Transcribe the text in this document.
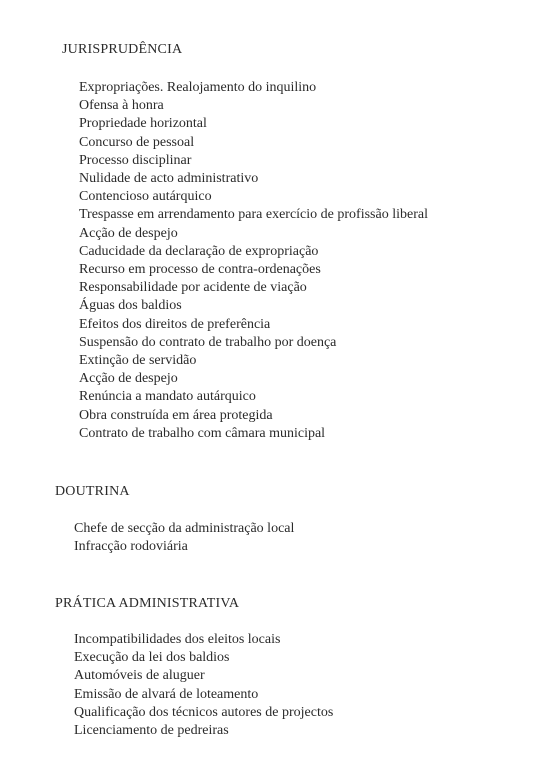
JURISPRUDÊNCIA
Expropriações. Realojamento do inquilino
Ofensa à honra
Propriedade horizontal
Concurso de pessoal
Processo disciplinar
Nulidade de acto administrativo
Contencioso autárquico
Trespasse em arrendamento para exercício de profissão liberal
Acção de despejo
Caducidade da declaração de expropriação
Recurso em processo de contra-ordenações
Responsabilidade por acidente de viação
Águas dos baldios
Efeitos dos direitos de preferência
Suspensão do contrato de trabalho por doença
Extinção de servidão
Acção de despejo
Renúncia a mandato autárquico
Obra construída em área protegida
Contrato de trabalho com câmara municipal
DOUTRINA
Chefe de secção da administração local
Infracção rodoviária
PRÁTICA ADMINISTRATIVA
Incompatibilidades dos eleitos locais
Execução da lei dos baldios
Automóveis de aluguer
Emissão de alvará de loteamento
Qualificação dos técnicos autores de projectos
Licenciamento de pedreiras
